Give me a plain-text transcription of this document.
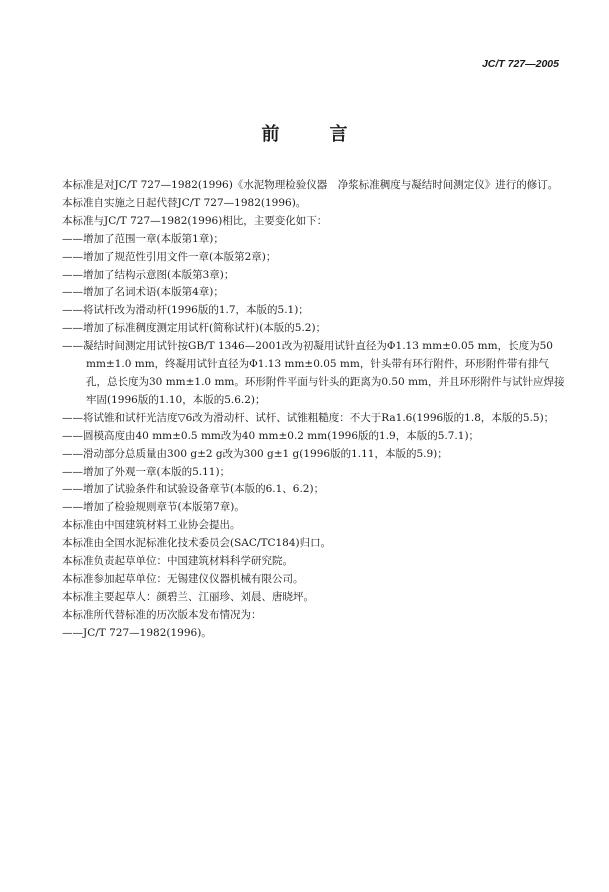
JC/T 727—2005
前　言

本标准是对JC/T 727—1982(1996)《水泥物理检验仪器　净浆标准稠度与凝结时间测定仪》进行的修订。

本标准自实施之日起代替JC/T 727—1982(1996)。

本标准与JC/T 727—1982(1996)相比，主要变化如下：

——增加了范围一章(本版第1章)；

——增加了规范性引用文件一章(本版第2章)；

——增加了结构示意图(本版第3章)；

——增加了名词术语(本版第4章)；

——将试杆改为滑动杆(1996版的1.7，本版的5.1)；

——增加了标准稠度测定用试杆(简称试杆)(本版的5.2)；

——凝结时间测定用试针按GB/T 1346—2001改为初凝用试针直径为Φ1.13 mm±0.05 mm，长度为50 mm±1.0 mm，终凝用试针直径为Φ1.13 mm±0.05 mm，针头带有环行附件，环形附件带有排气孔，总长度为30 mm±1.0 mm。环形附件平面与针头的距离为0.50 mm，并且环形附件与试针应焊接牢固(1996版的1.10，本版的5.6.2)；

——将试锥和试杆光洁度▽6改为滑动杆、试杆、试锥粗糙度：不大于Ra1.6(1996版的1.8，本版的5.5)；

——圆模高度由40 mm±0.5 mm改为40 mm±0.2 mm(1996版的1.9，本版的5.7.1)；

——滑动部分总质量由300 g±2 g改为300 g±1 g(1996版的1.11，本版的5.9)；

——增加了外观一章(本版的5.11)；

——增加了试验条件和试验设备章节(本版的6.1、6.2)；

——增加了检验规则章节(本版第7章)。

本标准由中国建筑材料工业协会提出。

本标准由全国水泥标准化技术委员会(SAC/TC184)归口。

本标准负责起草单位：中国建筑材料科学研究院。

本标准参加起草单位：无锡建仪仪器机械有限公司。

本标准主要起草人：颜碧兰、江丽珍、刘晨、唐晓坪。

本标准所代替标准的历次版本发布情况为：

——JC/T 727—1982(1996)。
